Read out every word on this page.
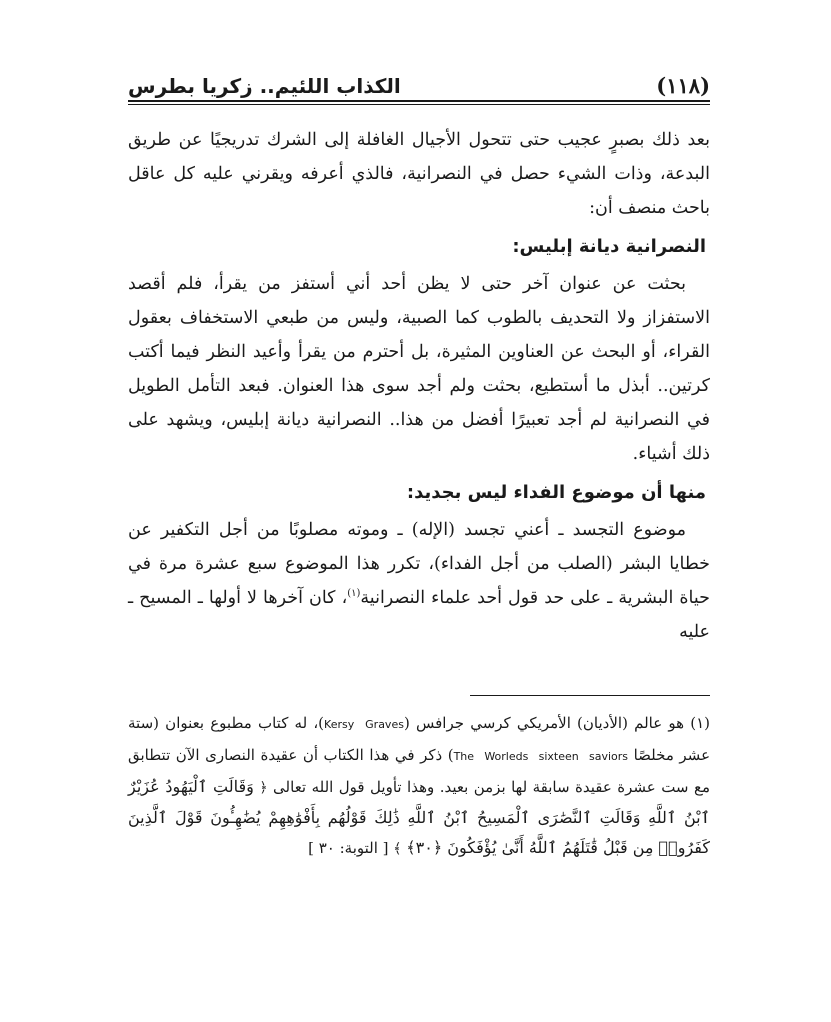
(١١٨)
الكذاب اللئيم.. زكريا بطرس

بعد ذلك بصبرٍ عجيب حتى تتحول الأجيال الغافلة إلى الشرك تدريجيًا عن طريق البدعة، وذات الشيء حصل في النصرانية، فالذي أعرفه ويقرني عليه كل عاقل باحث منصف أن:

النصرانية ديانة إبليس:

بحثت عن عنوان آخر حتى لا يظن أحد أني أستفز من يقرأ، فلم أقصد الاستفزاز ولا التحديف بالطوب كما الصبية، وليس من طبعي الاستخفاف بعقول القراء، أو البحث عن العناوين المثيرة، بل أحترم من يقرأ وأعيد النظر فيما أكتب كرتين.. أبذل ما أستطيع، بحثت ولم أجد سوى هذا العنوان. فبعد التأمل الطويل في النصرانية لم أجد تعبيرًا أفضل من هذا.. النصرانية ديانة إبليس، ويشهد على ذلك أشياء.

منها أن موضوع الفداء ليس بجديد:

موضوع التجسد ـ أعني تجسد (الإله) ـ وموته مصلوبًا من أجل التكفير عن خطايا البشر (الصلب من أجل الفداء)، تكرر هذا الموضوع سبع عشرة مرة في حياة البشرية ـ على حد قول أحد علماء النصرانية$^{(١)}$، كان آخرها لا أولها ـ المسيح ـ عليه

(١) هو عالم (الأديان) الأمريكي كرسي جرافس (Kersy Graves)، له كتاب مطبوع بعنوان (ستة عشر مخلصًا The Worleds sixteen saviors) ذكر في هذا الكتاب أن عقيدة النصارى الآن تتطابق مع ست عشرة عقيدة سابقة لها بزمن بعيد. وهذا تأويل قول الله تعالى ﴿ وَقَالَتِ ٱلْيَهُودُ عُزَيْرٌ ٱبْنُ ٱللَّهِ وَقَالَتِ ٱلنَّصَٰرَى ٱلْمَسِيحُ ٱبْنُ ٱللَّهِ ذَٰلِكَ قَوْلُهُم بِأَفْوَٰهِهِمْ يُضَٰهِـُٔونَ قَوْلَ ٱلَّذِينَ كَفَرُوا۟ مِن قَبْلُ قَٰتَلَهُمُ ٱللَّهُ أَنَّىٰ يُؤْفَكُونَ ﴿٣٠﴾ ﴾ [ التوبة: ٣٠ ]
